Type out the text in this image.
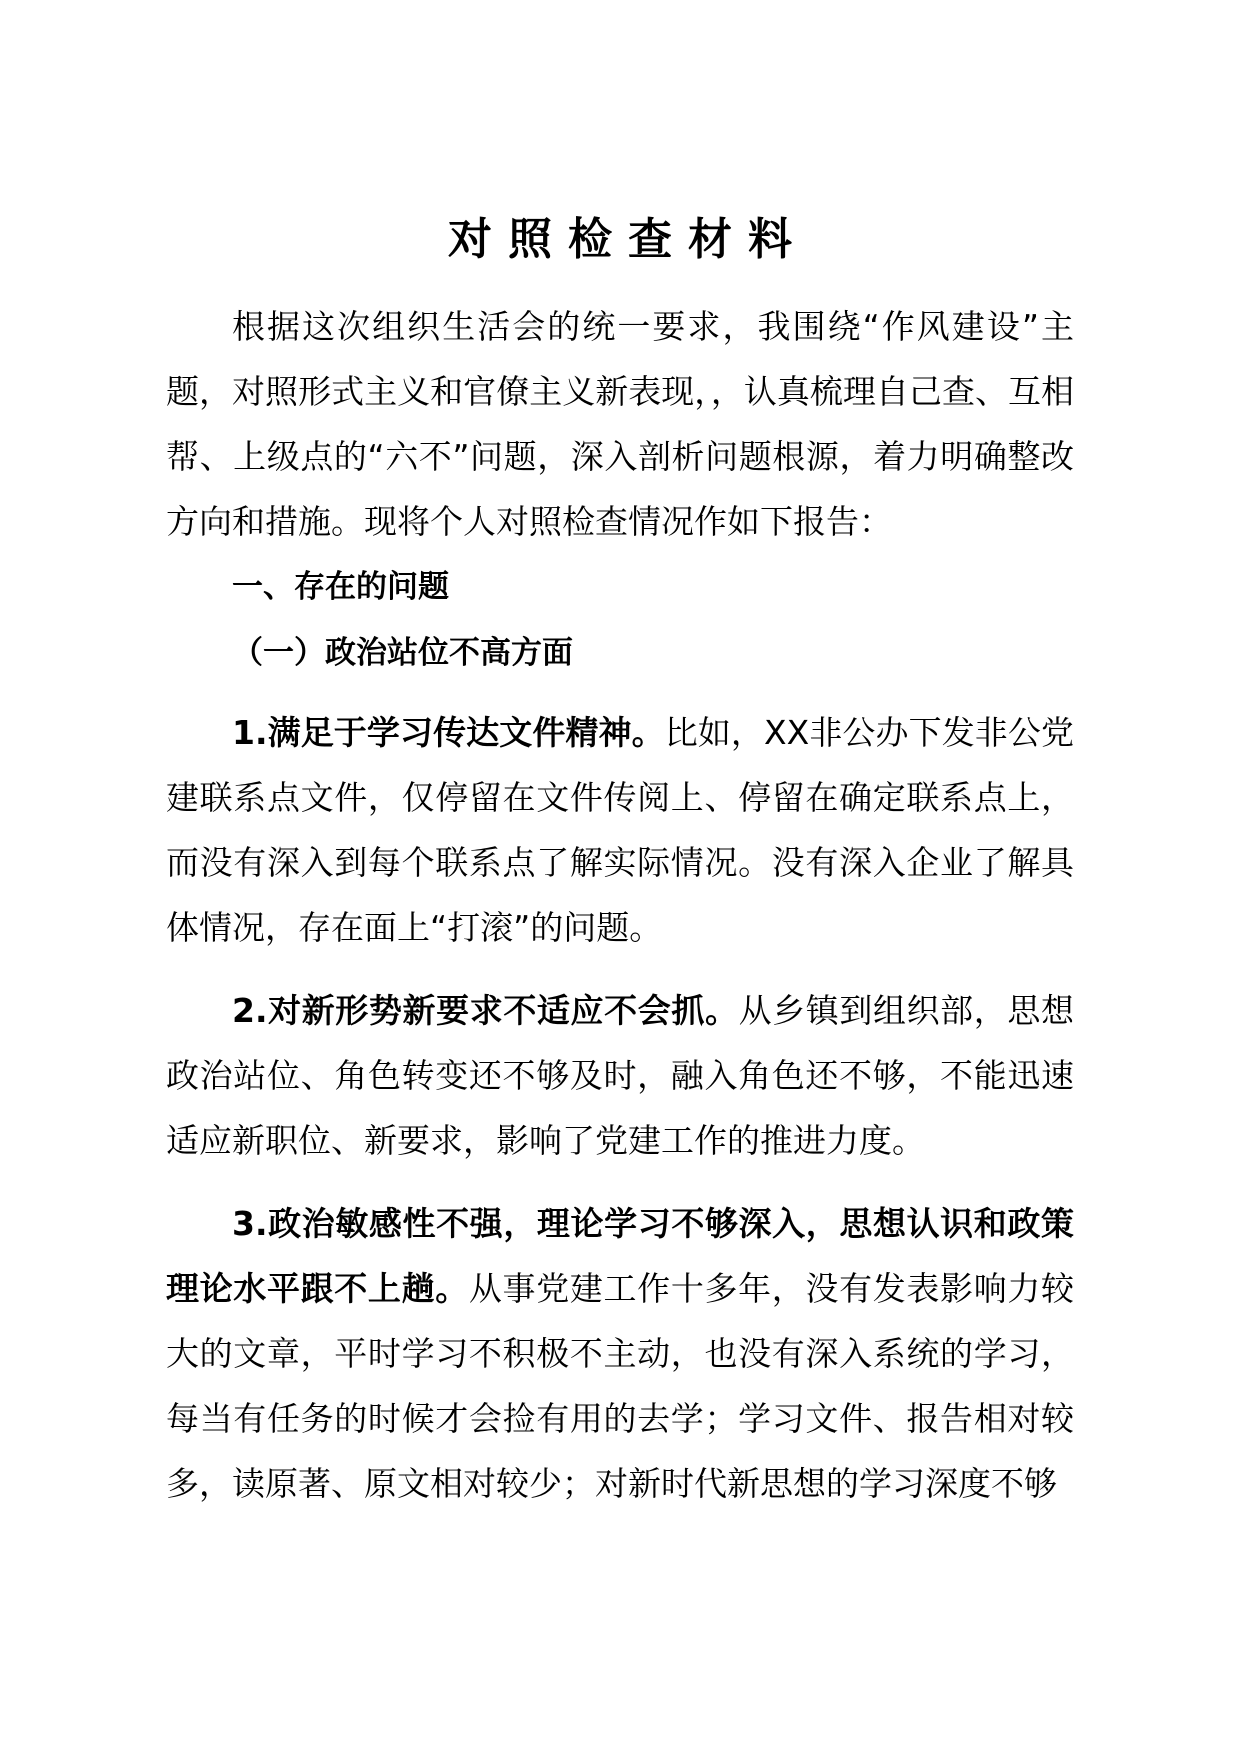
对照检查材料

根据这次组织生活会的统一要求，我围绕“作风建设”主题，对照形式主义和官僚主义新表现，，认真梳理自己查、互相帮、上级点的“六不”问题，深入剖析问题根源，着力明确整改方向和措施。现将个人对照检查情况作如下报告：

一、存在的问题

（一）政治站位不高方面

1.满足于学习传达文件精神。比如，XX非公办下发非公党建联系点文件，仅停留在文件传阅上、停留在确定联系点上，而没有深入到每个联系点了解实际情况。没有深入企业了解具体情况，存在面上“打滚”的问题。

2.对新形势新要求不适应不会抓。从乡镇到组织部，思想政治站位、角色转变还不够及时，融入角色还不够，不能迅速适应新职位、新要求，影响了党建工作的推进力度。

3.政治敏感性不强，理论学习不够深入，思想认识和政策理论水平跟不上趟。从事党建工作十多年，没有发表影响力较大的文章，平时学习不积极不主动，也没有深入系统的学习，每当有任务的时候才会捡有用的去学；学习文件、报告相对较多，读原著、原文相对较少；对新时代新思想的学习深度不够
